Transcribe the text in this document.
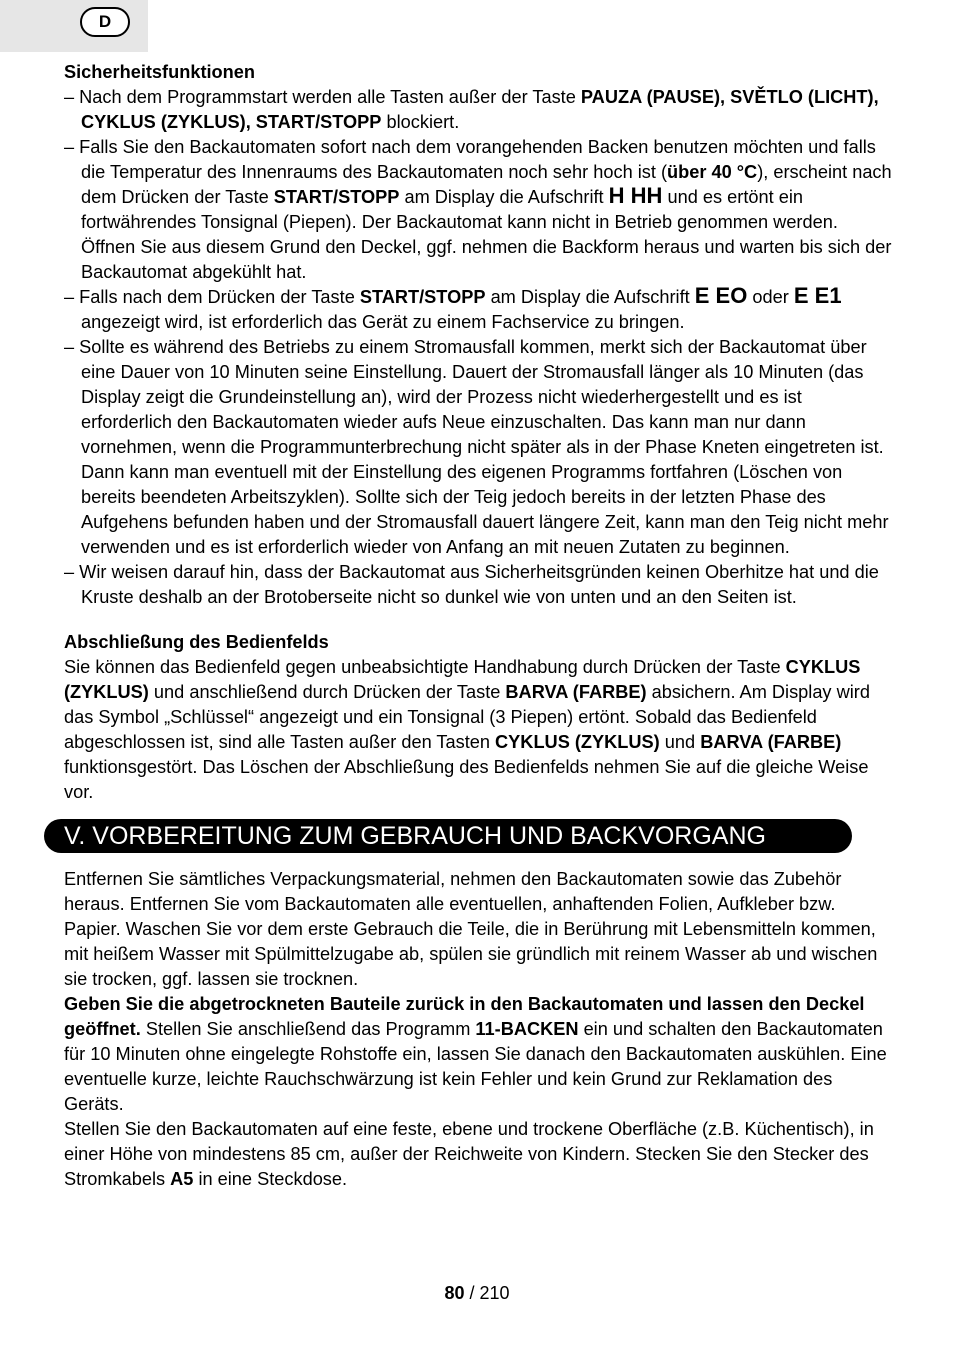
D
Sicherheitsfunktionen
– Nach dem Programmstart werden alle Tasten außer der Taste PAUZA (PAUSE), SVĚTLO (LICHT), CYKLUS (ZYKLUS), START/STOPP blockiert.
– Falls Sie den Backautomaten sofort nach dem vorangehenden Backen benutzen möchten und falls die Temperatur des Innenraums des Backautomaten noch sehr hoch ist (über 40 °C), erscheint nach dem Drücken der Taste START/STOPP am Display die Aufschrift H HH und es ertönt ein fortwährendes Tonsignal (Piepen). Der Backautomat kann nicht in Betrieb genommen werden. Öffnen Sie aus diesem Grund den Deckel, ggf. nehmen die Backform heraus und warten bis sich der Backautomat abgekühlt hat.
– Falls nach dem Drücken der Taste START/STOPP am Display die Aufschrift E EO oder E E1 angezeigt wird, ist erforderlich das Gerät zu einem Fachservice zu bringen.
– Sollte es während des Betriebs zu einem Stromausfall kommen, merkt sich der Backautomat über eine Dauer von 10 Minuten seine Einstellung. Dauert der Stromausfall länger als 10 Minuten (das Display zeigt die Grundeinstellung an), wird der Prozess nicht wiederhergestellt und es ist erforderlich den Backautomaten wieder aufs Neue einzuschalten. Das kann man nur dann vornehmen, wenn die Programmunterbrechung nicht später als in der Phase Kneten eingetreten ist. Dann kann man eventuell mit der Einstellung des eigenen Programms fortfahren (Löschen von bereits beendeten Arbeitszyklen). Sollte sich der Teig jedoch bereits in der letzten Phase des Aufgehens befunden haben und der Stromausfall dauert längere Zeit, kann man den Teig nicht mehr verwenden und es ist erforderlich wieder von Anfang an mit neuen Zutaten zu beginnen.
– Wir weisen darauf hin, dass der Backautomat aus Sicherheitsgründen keinen Oberhitze hat und die Kruste deshalb an der Brotoberseite nicht so dunkel wie von unten und an den Seiten ist.
Abschließung des Bedienfelds
Sie können das Bedienfeld gegen unbeabsichtigte Handhabung durch Drücken der Taste CYKLUS (ZYKLUS) und anschließend durch Drücken der Taste BARVA (FARBE) absichern. Am Display wird das Symbol „Schlüssel“ angezeigt und ein Tonsignal (3 Piepen) ertönt. Sobald das Bedienfeld abgeschlossen ist, sind alle Tasten außer den Tasten CYKLUS (ZYKLUS) und BARVA (FARBE) funktionsgestört. Das Löschen der Abschließung des Bedienfelds nehmen Sie auf die gleiche Weise vor.
V. VORBEREITUNG ZUM GEBRAUCH UND BACKVORGANG
Entfernen Sie sämtliches Verpackungsmaterial, nehmen den Backautomaten sowie das Zubehör heraus. Entfernen Sie vom Backautomaten alle eventuellen, anhaftenden Folien, Aufkleber bzw. Papier. Waschen Sie vor dem erste Gebrauch die Teile, die in Berührung mit Lebensmitteln kommen, mit heißem Wasser mit Spülmittelzugabe ab, spülen sie gründlich mit reinem Wasser ab und wischen sie trocken, ggf. lassen sie trocknen.
Geben Sie die abgetrockneten Bauteile zurück in den Backautomaten und lassen den Deckel geöffnet. Stellen Sie anschließend das Programm 11-BACKEN ein und schalten den Backautomaten für 10 Minuten ohne eingelegte Rohstoffe ein, lassen Sie danach den Backautomaten auskühlen. Eine eventuelle kurze, leichte Rauchschwärzung ist kein Fehler und kein Grund zur Reklamation des Geräts.
Stellen Sie den Backautomaten auf eine feste, ebene und trockene Oberfläche (z.B. Küchentisch), in einer Höhe von mindestens 85 cm, außer der Reichweite von Kindern. Stecken Sie den Stecker des Stromkabels A5 in eine Steckdose.
80 / 210
